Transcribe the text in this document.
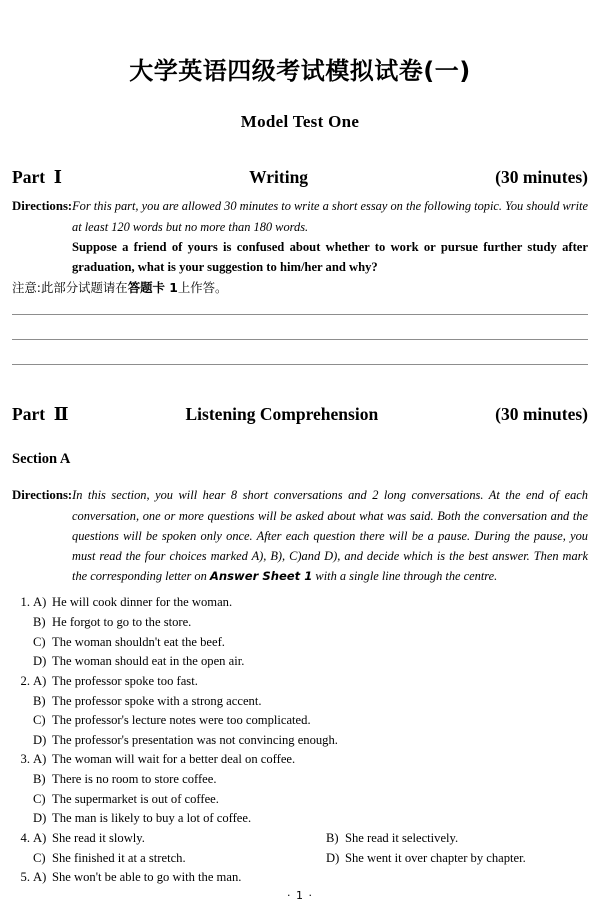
大学英语四级考试模拟试卷(一)
Model Test One
Part  Ⅰ	Writing	(30 minutes)
Directions:For this part, you are allowed 30 minutes to write a short essay on the following topic. You should write at least 120 words but no more than 180 words.
Suppose a friend of yours is confused about whether to work or pursue further study after graduation, what is your suggestion to him/her and why?
注意:此部分试题请在答题卡 1上作答。
Part  Ⅱ	Listening Comprehension	(30 minutes)
Section A
Directions:In this section, you will hear 8 short conversations and 2 long conversations. At the end of each conversation, one or more questions will be asked about what was said. Both the conversation and the questions will be spoken only once. After each question there will be a pause. During the pause, you must read the four choices marked A), B), C)and D), and decide which is the best answer. Then mark the corresponding letter on Answer Sheet 1 with a single line through the centre.
1. A) He will cook dinner for the woman.
B) He forgot to go to the store.
C) The woman shouldn't eat the beef.
D) The woman should eat in the open air.
2. A) The professor spoke too fast.
B) The professor spoke with a strong accent.
C) The professor's lecture notes were too complicated.
D) The professor's presentation was not convincing enough.
3. A) The woman will wait for a better deal on coffee.
B) There is no room to store coffee.
C) The supermarket is out of coffee.
D) The man is likely to buy a lot of coffee.
4. A) She read it slowly.	B) She read it selectively.
C) She finished it at a stretch.	D) She went it over chapter by chapter.
5. A) She won't be able to go with the man.
· 1 ·
